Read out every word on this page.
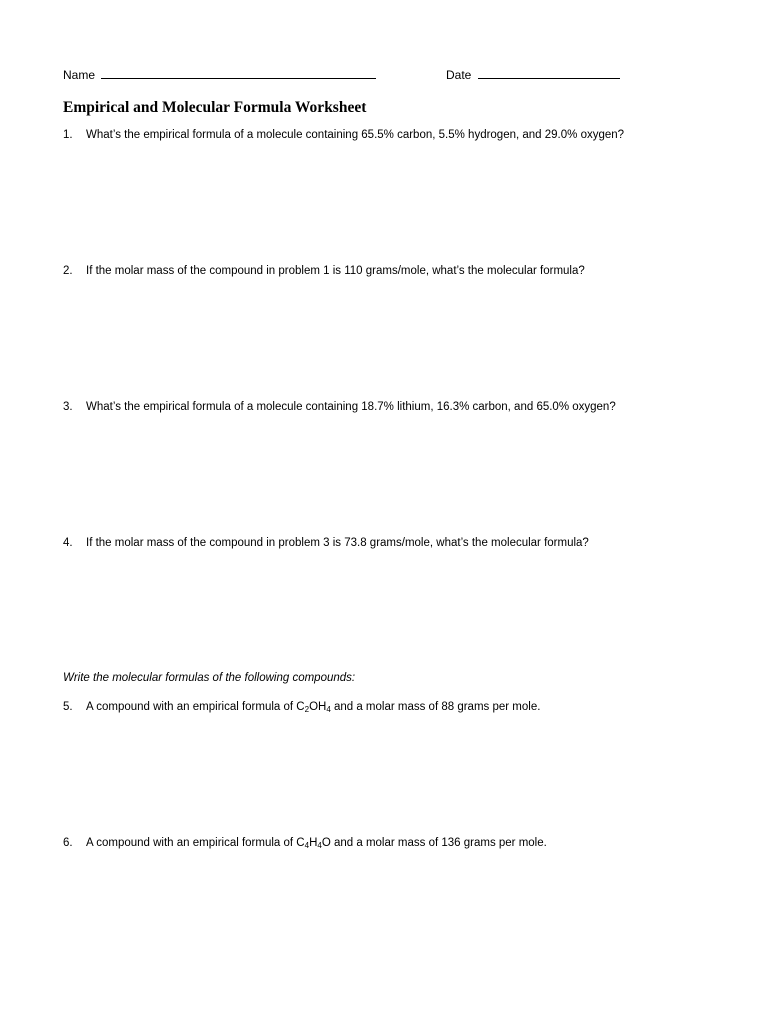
Name	Date
Empirical and Molecular Formula Worksheet
1. What’s the empirical formula of a molecule containing 65.5% carbon, 5.5% hydrogen, and 29.0% oxygen?
2. If the molar mass of the compound in problem 1 is 110 grams/mole, what’s the molecular formula?
3. What’s the empirical formula of a molecule containing 18.7% lithium, 16.3% carbon, and 65.0% oxygen?
4. If the molar mass of the compound in problem 3 is 73.8 grams/mole, what’s the molecular formula?
Write the molecular formulas of the following compounds:
5. A compound with an empirical formula of $C_2OH_4$ and a molar mass of 88 grams per mole.
6. A compound with an empirical formula of $C_4H_4O$ and a molar mass of 136 grams per mole.
